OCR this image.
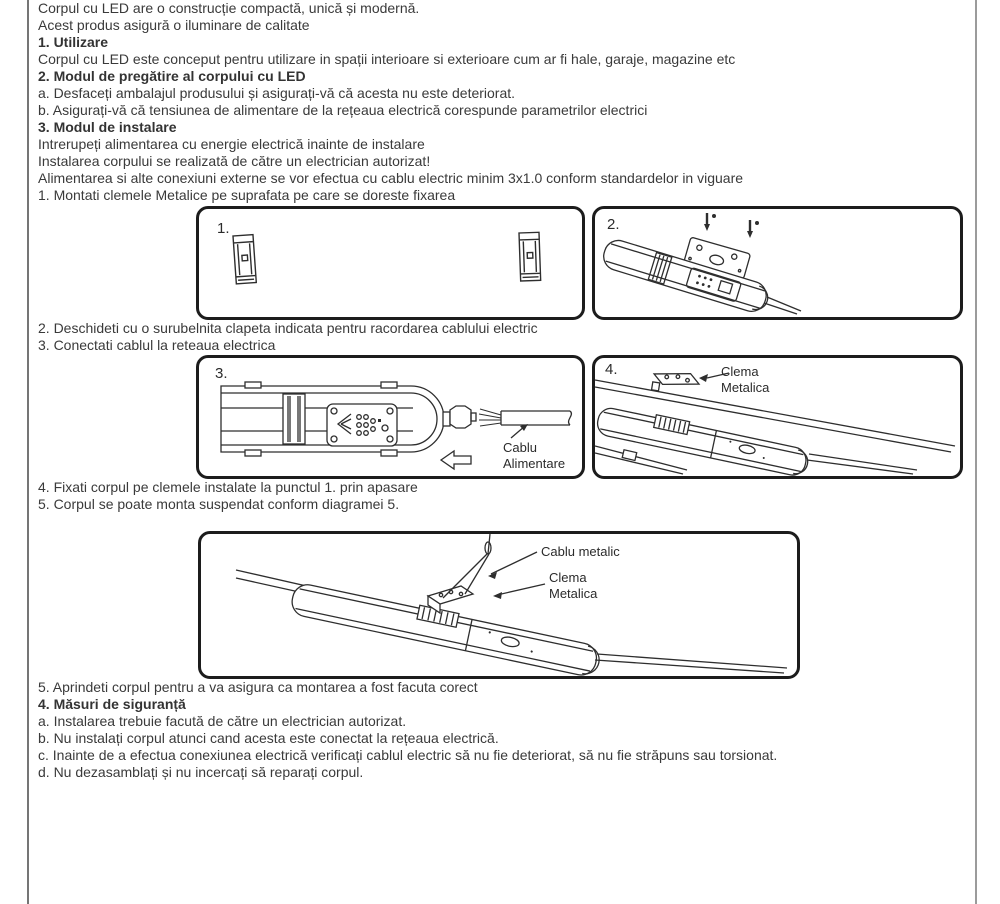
Corpul cu LED are o construcție compactă, unică și modernă.

Acest produs asigură o iluminare de calitate

1. Utilizare

Corpul cu LED este conceput pentru utilizare in spații interioare si exterioare cum ar fi hale, garaje, magazine etc

2. Modul de pregătire al corpului cu LED

a. Desfaceți ambalajul produsului și asigurați-vă că acesta nu este deteriorat.

b. Asigurați-vă că tensiunea de alimentare de la rețeaua electrică corespunde parametrilor electrici

3. Modul de instalare

Intrerupeți alimentarea cu energie electrică inainte de instalare

Instalarea corpului se realizată de către un electrician autorizat!

Alimentarea si alte conexiuni externe se vor efectua cu cablu electric minim 3x1.0 conform standardelor in viguare

1. Montati clemele Metalice pe suprafata pe care se doreste fixarea

1.	2.

2. Deschideti cu o surubelnita clapeta indicata pentru racordarea cablului electric

3. Conectati cablul la reteaua electrica

3.
Cablu
Alimentare
4.	Clema
Metalica

4. Fixati corpul pe clemele instalate la punctul 1. prin apasare

5. Corpul se poate monta suspendat conform diagramei 5.

Cablu metalic
Clema
Metalica

5. Aprindeti corpul pentru a va asigura ca montarea a fost facuta corect

4. Măsuri de siguranță

a. Instalarea trebuie facută de către un electrician autorizat.

b. Nu instalați corpul atunci cand acesta este conectat la rețeaua electrică.

c. Inainte de a efectua conexiunea electrică verificați cablul electric să nu fie deteriorat, să nu fie străpuns sau torsionat.

d. Nu dezasamblați și nu incercați să reparați corpul.
